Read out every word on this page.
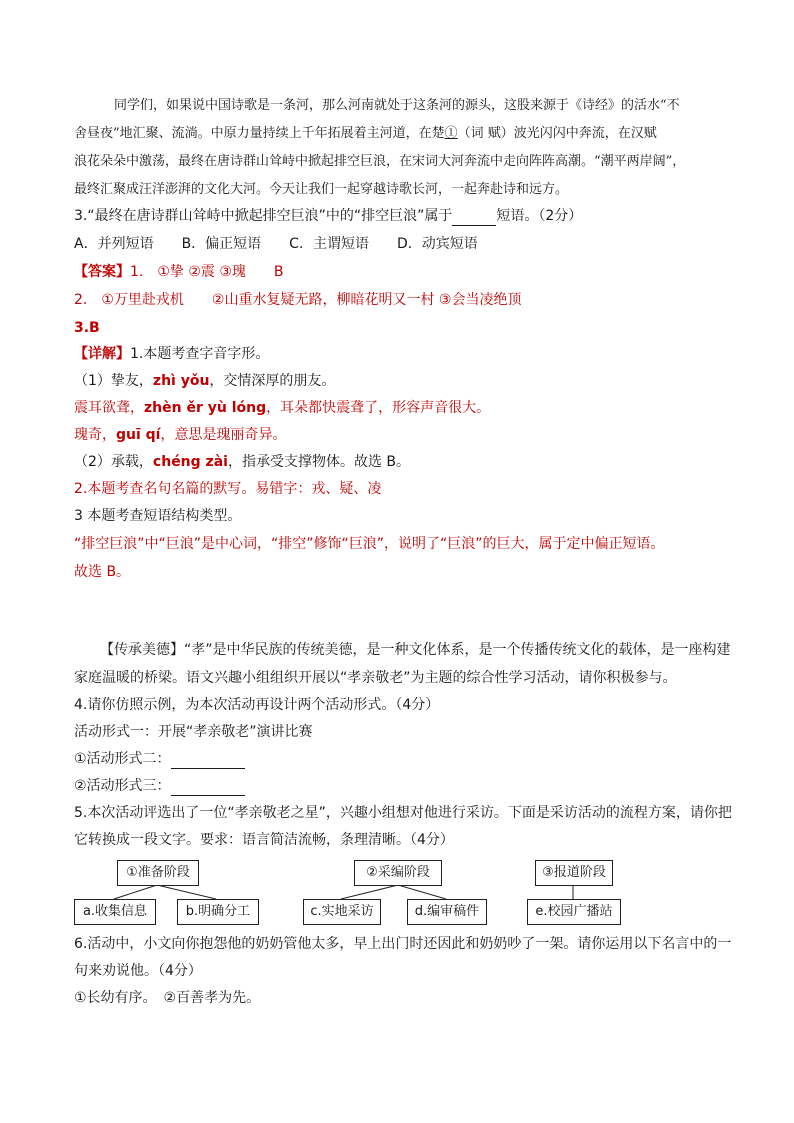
同学们，如果说中国诗歌是一条河，那么河南就处于这条河的源头，这股来源于《诗经》的活水“不
舍昼夜”地汇聚、流淌。中原力量持续上千年拓展着主河道，在楚①（词 赋）波光闪闪中奔流，在汉赋
浪花朵朵中激荡，最终在唐诗群山耸峙中掀起排空巨浪，在宋词大河奔流中走向阵阵高潮。“潮平两岸阔”，
最终汇聚成汪洋澎湃的文化大河。今天让我们一起穿越诗歌长河，一起奔赴诗和远方。
3.“最终在唐诗群山耸峙中掀起排空巨浪”中的“排空巨浪”属于	短语。（2分）
A．并列短语　　B．偏正短语　　C．主谓短语　　D．动宾短语
【答案】1.　①挚 ②震 ③瑰　　B
2.　①万里赴戎机　　②山重水复疑无路，柳暗花明又一村 ③会当凌绝顶
3.B
【详解】1.本题考查字音字形。
（1）挚友，zhì yǒu，交情深厚的朋友。
震耳欲聋，zhèn ěr yù lóng，耳朵都快震聋了，形容声音很大。
瑰奇，guī qí，意思是瑰丽奇异。
（2）承载，chéng zài，指承受支撑物体。故选 B。
2.本题考查名句名篇的默写。易错字：戎、疑、凌
3 本题考查短语结构类型。
“排空巨浪”中“巨浪”是中心词，“排空”修饰“巨浪”，说明了“巨浪”的巨大，属于定中偏正短语。
故选 B。
【传承美德】“孝”是中华民族的传统美德，是一种文化体系，是一个传播传统文化的载体，是一座构建
家庭温暖的桥梁。语文兴趣小组组织开展以“孝亲敬老”为主题的综合性学习活动，请你积极参与。
4.请你仿照示例，为本次活动再设计两个活动形式。（4分）
活动形式一：开展“孝亲敬老”演讲比赛
①活动形式二：
②活动形式三：
5.本次活动评选出了一位“孝亲敬老之星”，兴趣小组想对他进行采访。下面是采访活动的流程方案，请你把
它转换成一段文字。要求：语言简洁流畅，条理清晰。（4分）
①准备阶段	②采编阶段	③报道阶段
a.收集信息	b.明确分工	c.实地采访	d.编审稿件	e.校园广播站
6.活动中，小文向你抱怨他的奶奶管他太多，早上出门时还因此和奶奶吵了一架。请你运用以下名言中的一
句来劝说他。（4分）
①长幼有序。　②百善孝为先。
